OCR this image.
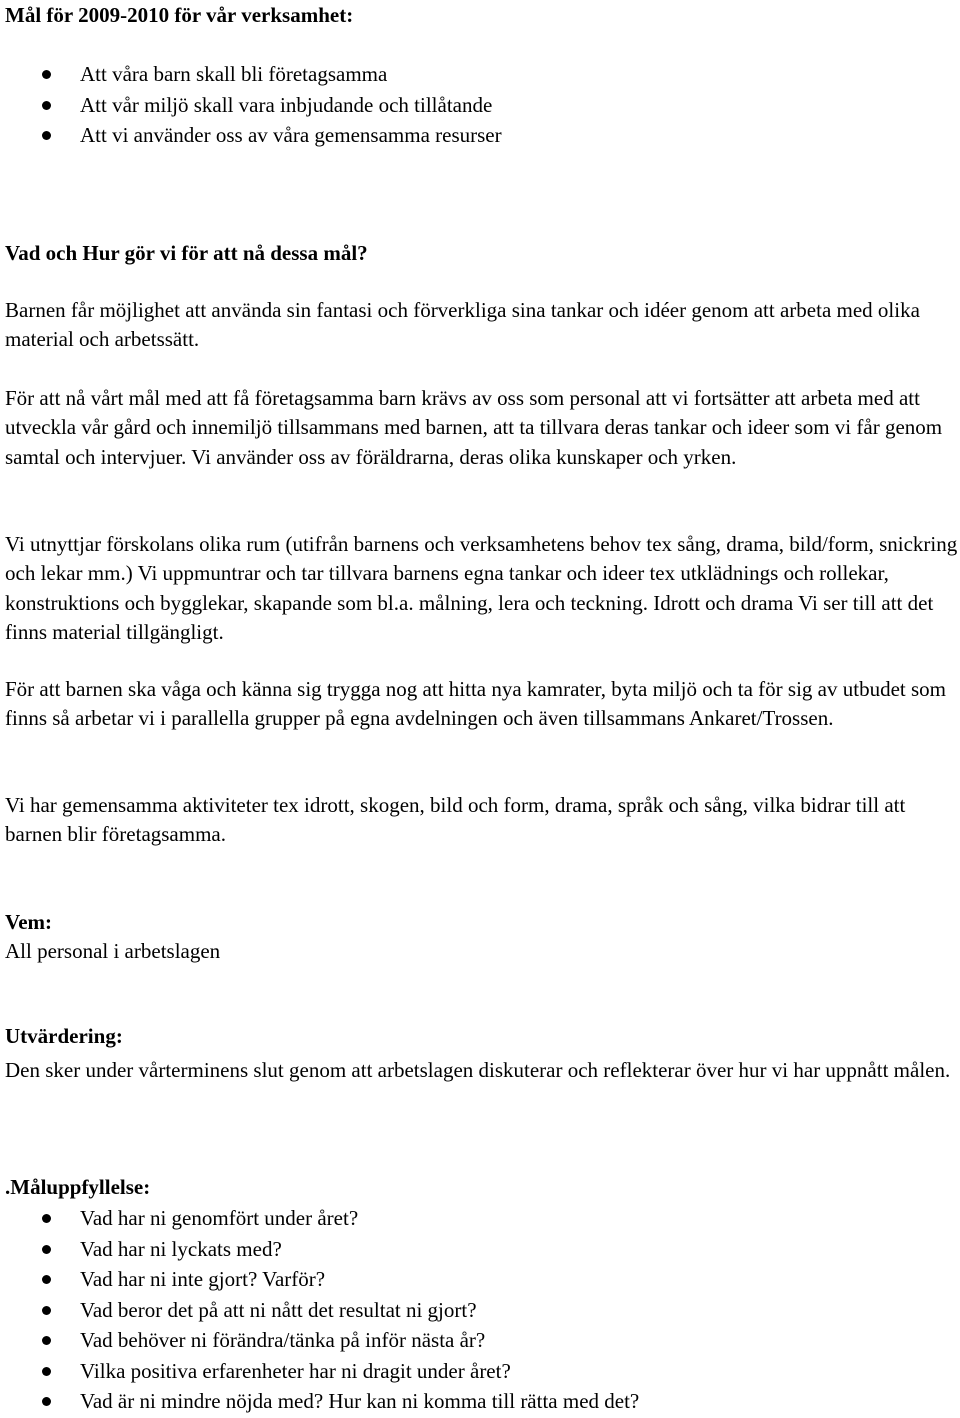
Mål för 2009-2010 för vår verksamhet:
Att våra barn skall bli företagsamma
Att vår miljö skall vara inbjudande och tillåtande
Att vi använder oss av våra gemensamma resurser
Vad och Hur gör vi för att nå dessa mål?

Barnen får möjlighet att använda sin fantasi och förverkliga sina tankar och idéer genom att arbeta med olika material och arbetssätt.

För att nå vårt mål med att få företagsamma barn krävs av oss som personal att vi fortsätter att arbeta med att utveckla vår gård och innemiljö tillsammans med barnen, att ta tillvara deras tankar och ideer som vi får genom samtal och intervjuer. Vi använder oss av föräldrarna, deras olika kunskaper och yrken.

Vi utnyttjar förskolans olika rum (utifrån barnens och verksamhetens behov tex sång, drama, bild/form, snickring och lekar mm.) Vi uppmuntrar och tar tillvara barnens egna tankar och ideer tex utklädnings och rollekar, konstruktions och bygglekar, skapande som bl.a. målning, lera och teckning. Idrott och drama Vi ser till att det finns material tillgängligt.

För att barnen ska våga och känna sig trygga nog att hitta nya kamrater, byta miljö och ta för sig av utbudet som finns så arbetar vi i parallella grupper på egna avdelningen och även tillsammans Ankaret/Trossen.

Vi har gemensamma aktiviteter tex idrott, skogen, bild och form, drama, språk och sång, vilka bidrar till att barnen blir företagsamma.

Vem:

All personal i arbetslagen

Utvärdering:

Den sker under vårterminens slut genom att arbetslagen diskuterar och reflekterar över hur vi har uppnått målen.

.Måluppfyllelse:
Vad har ni genomfört under året?
Vad har ni lyckats med?
Vad har ni inte gjort? Varför?
Vad beror det på att ni nått det resultat ni gjort?
Vad behöver ni förändra/tänka på inför nästa år?
Vilka positiva erfarenheter har ni dragit under året?
Vad är ni mindre nöjda med? Hur kan ni komma till rätta med det?
